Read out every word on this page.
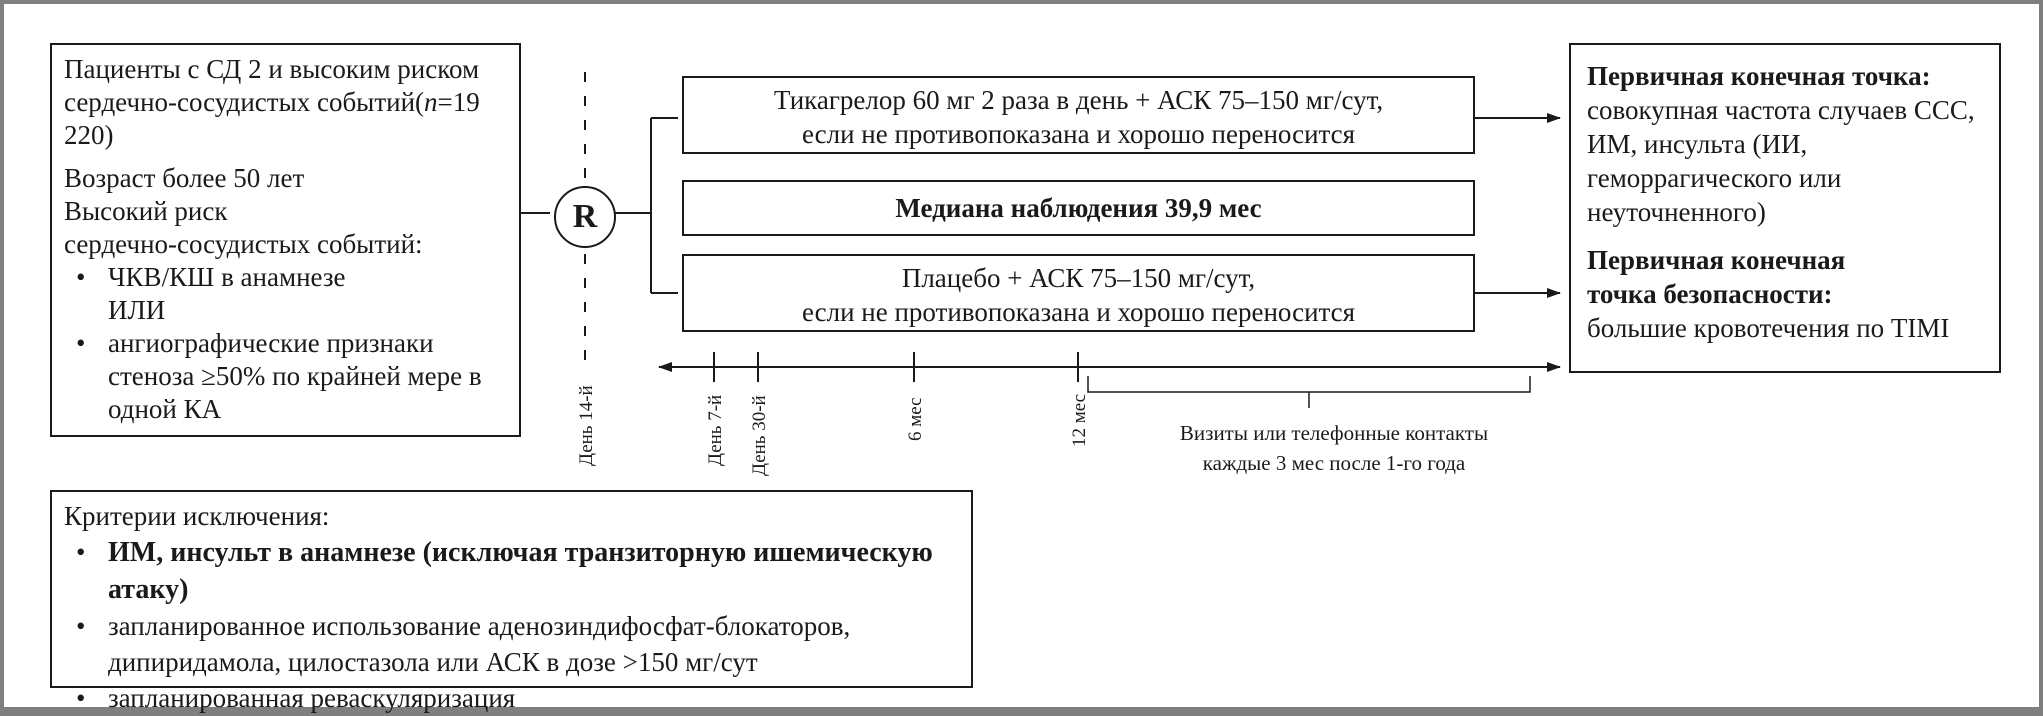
Пациенты с СД 2 и высоким риском сердечно-сосудистых событий(n=19 220)
Возраст более 50 лет
Высокий риск
сердечно-сосудистых событий:
• ЧКВ/КШ в анамнезе
ИЛИ
• ангиографические признаки стеноза ≥50% по крайней мере в одной КА
R
Тикагрелор 60 мг 2 раза в день + АСК 75–150 мг/сут,
если не противопоказана и хорошо переносится
Медиана наблюдения 39,9 мес
Плацебо + АСК 75–150 мг/сут,
если не противопоказана и хорошо переносится
Первичная конечная точка:
совокупная частота случаев ССС, ИМ, инсульта (ИИ, геморрагического или неуточненного)
Первичная конечная
точка безопасности:
большие кровотечения по TIMI
День 14-й	День 7-й День 30-й	6 мес	12 мес	Визиты или телефонные контакты
каждые 3 мес после 1-го года
Критерии исключения:
• ИМ, инсульт в анамнезе (исключая транзиторную ишемическую атаку)
• запланированное использование аденозиндифосфат-блокаторов,
дипиридамола, цилостазола или АСК в дозе >150 мг/сут
• запланированная реваскуляризация
